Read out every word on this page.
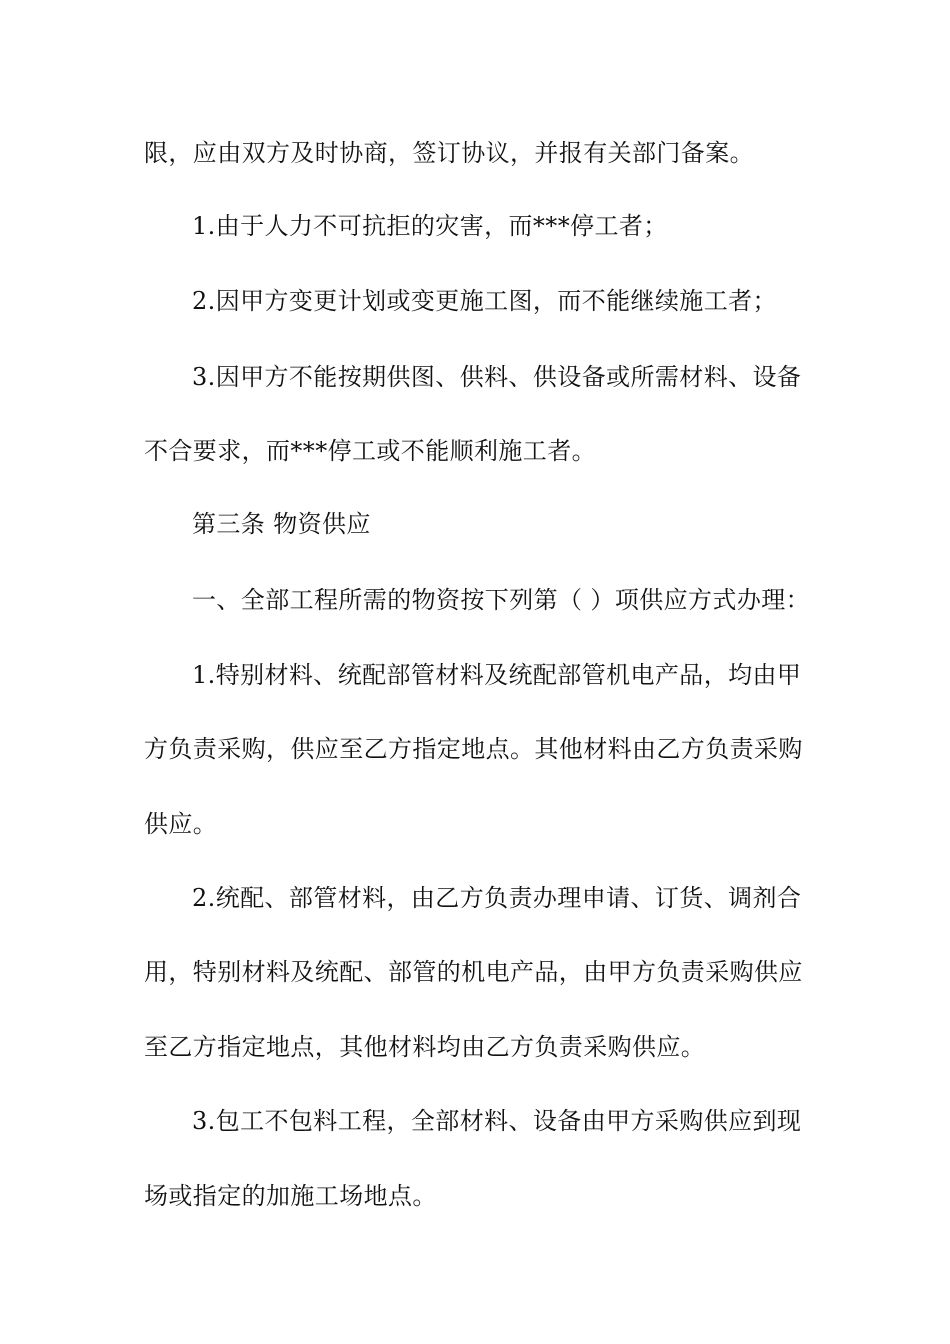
限，应由双方及时协商，签订协议，并报有关部门备案。
1.由于人力不可抗拒的灾害，而***停工者；
2.因甲方变更计划或变更施工图，而不能继续施工者；
3.因甲方不能按期供图、供料、供设备或所需材料、设备
不合要求，而***停工或不能顺利施工者。
第三条 物资供应
一、全部工程所需的物资按下列第（ ）项供应方式办理：
1.特别材料、统配部管材料及统配部管机电产品，均由甲
方负责采购，供应至乙方指定地点。其他材料由乙方负责采购
供应。
2.统配、部管材料，由乙方负责办理申请、订货、调剂合
用，特别材料及统配、部管的机电产品，由甲方负责采购供应
至乙方指定地点，其他材料均由乙方负责采购供应。
3.包工不包料工程，全部材料、设备由甲方采购供应到现
场或指定的加施工场地点。
